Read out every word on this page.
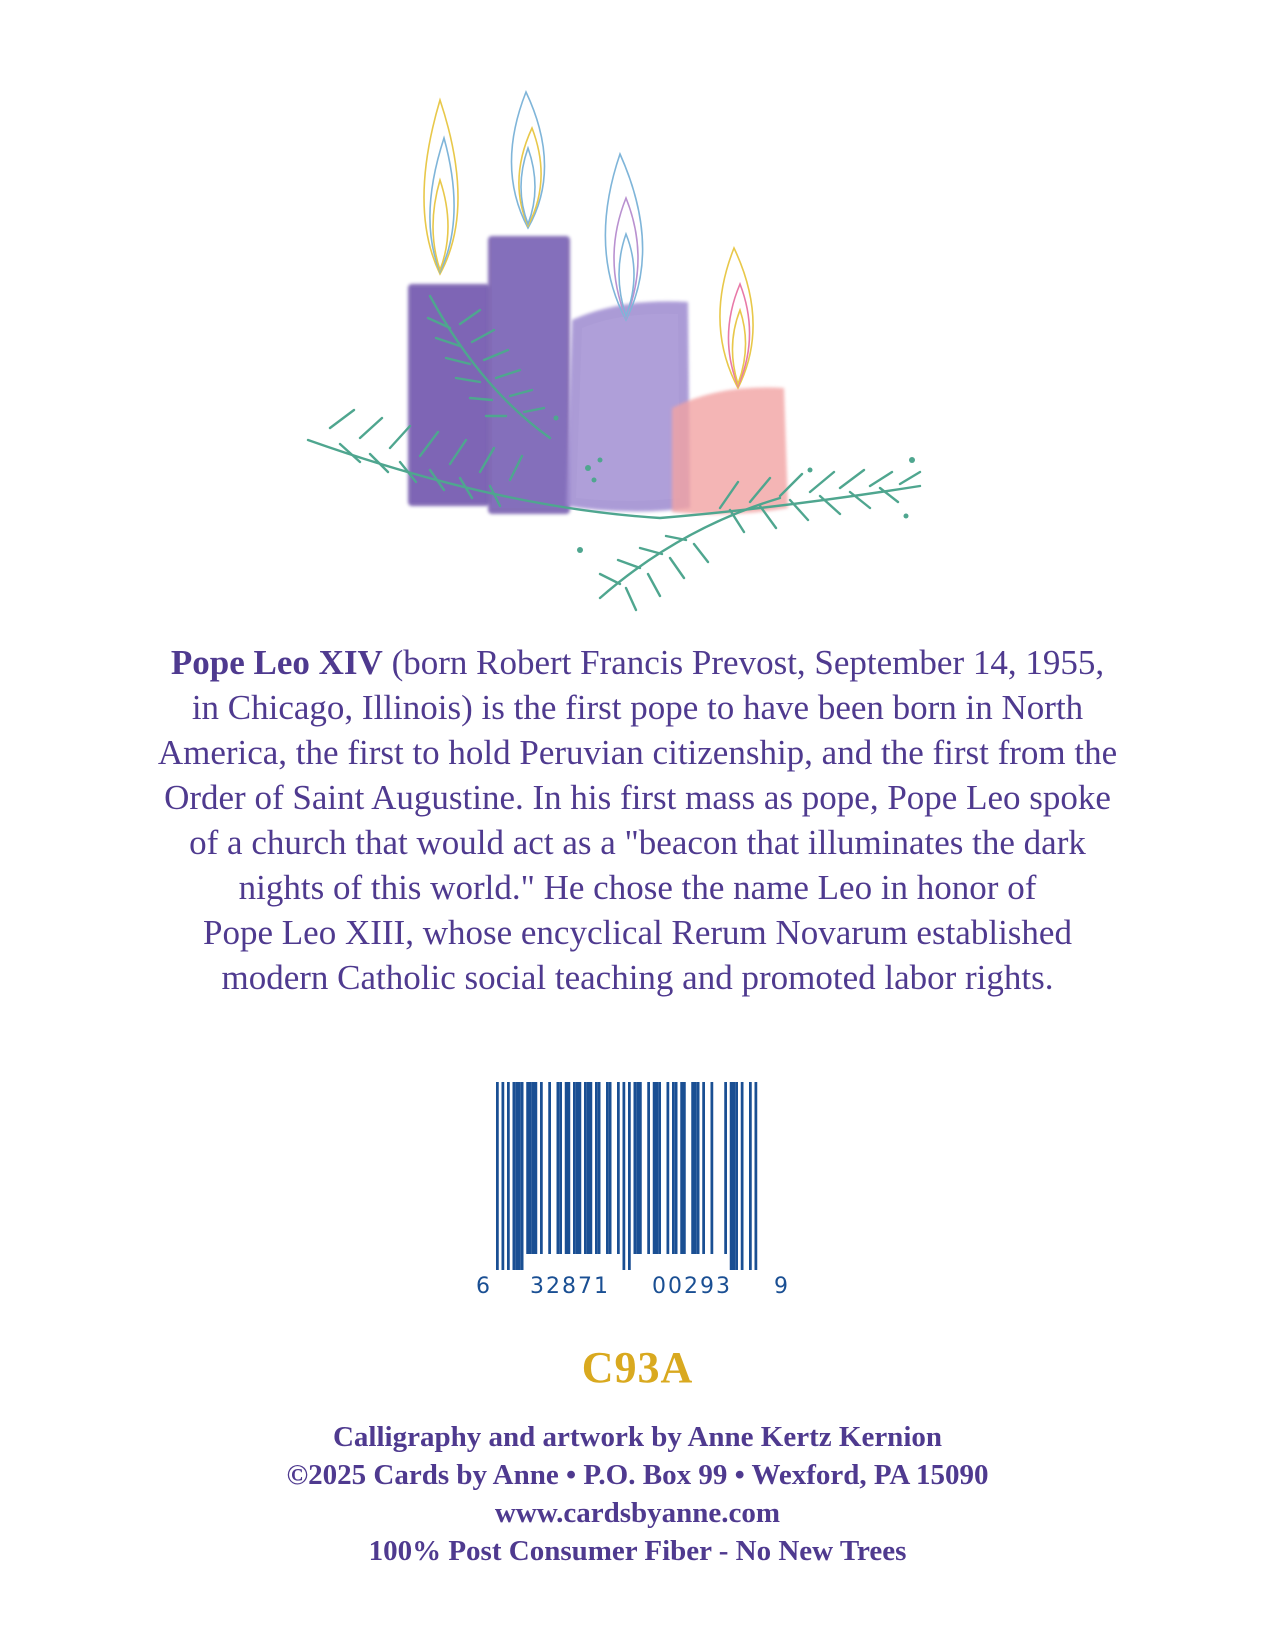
Pope Leo XIV (born Robert Francis Prevost, September 14, 1955,
in Chicago, Illinois) is the first pope to have been born in North
America, the first to hold Peruvian citizenship, and the first from the
Order of Saint Augustine. In his first mass as pope, Pope Leo spoke
of a church that would act as a "beacon that illuminates the dark
nights of this world." He chose the name Leo in honor of
Pope Leo XIII, whose encyclical Rerum Novarum established
modern Catholic social teaching and promoted labor rights.
6 32871 00293 9
C93A
Calligraphy and artwork by Anne Kertz Kernion
©2025 Cards by Anne • P.O. Box 99 • Wexford, PA 15090
www.cardsbyanne.com
100% Post Consumer Fiber - No New Trees
